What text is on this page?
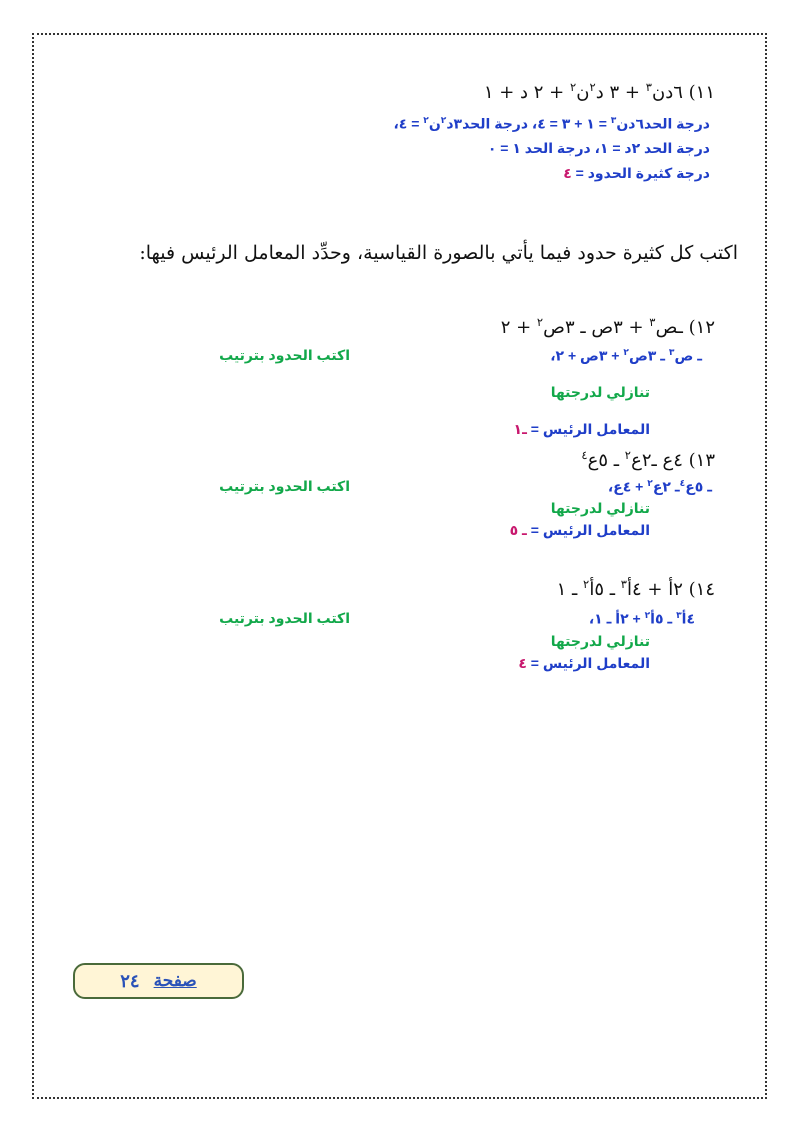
١١) ٦دن$^٣$ + ٣ د$^٢$ن$^٢$ + ٢ د + ١
درجة الحد٦دن$^٣$ = ١ + ٣ = ٤، درجة الحد٣د$^٢$ن$^٢$ = ٤،
درجة الحد ٢د = ١، درجة الحد ١ = ٠
درجة كثيرة الحدود = ٤
اكتب كل كثيرة حدود فيما يأتي بالصورة القياسية، وحدِّد المعامل الرئيس فيها:
١٢) ـص$^٣$ + ٣ص ـ ٣ص$^٢$ + ٢
ـ ص$^٣$ ـ ٣ص$^٢$ + ٣ص + ٢،
اكتب الحدود بترتيب
تنازلي لدرجتها
المعامل الرئيس = ـ١
١٣) ٤ع ـ٢ع$^٢$ ـ ٥ع$^٤$
ـ ٥ع$^٤$ـ ٢ع$^٢$ + ٤ع،
اكتب الحدود بترتيب
تنازلي لدرجتها
المعامل الرئيس = ـ ٥
١٤) ٢أ + ٤أ$^٣$ ـ ٥أ$^٢$ ـ ١
٤أ$^٣$ ـ ٥أ$^٢$ + ٢أ ـ ١،
اكتب الحدود بترتيب
تنازلي لدرجتها
المعامل الرئيس = ٤
صفحة
٢٤
